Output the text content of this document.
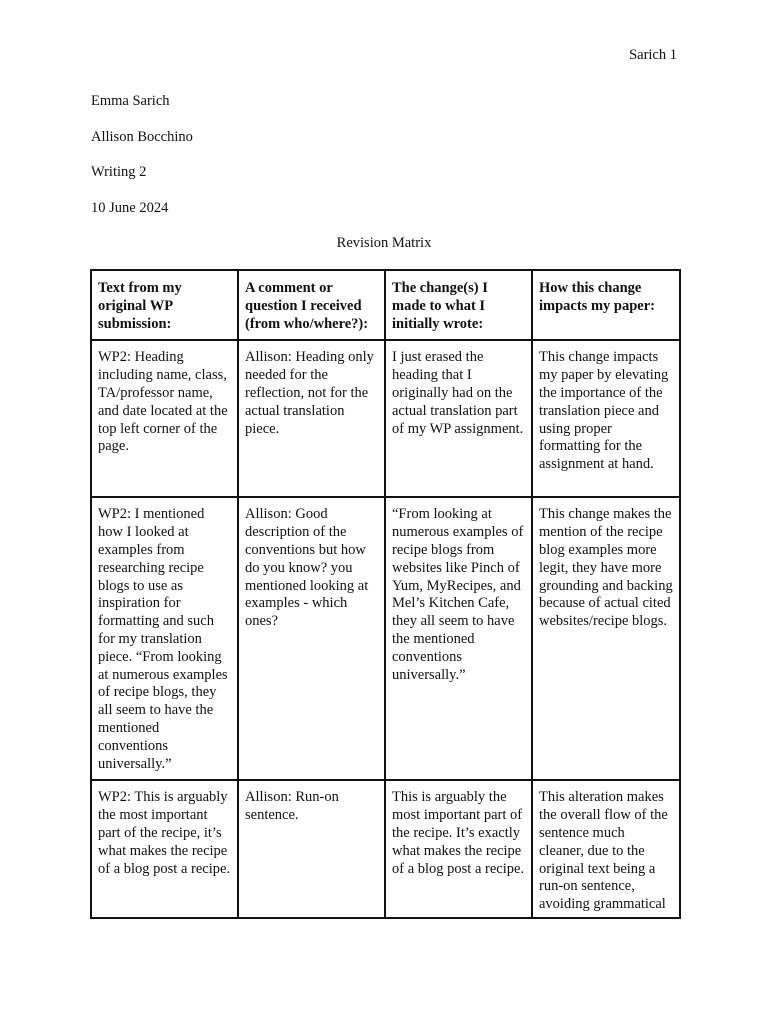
Sarich 1
Emma Sarich
Allison Bocchino
Writing 2
10 June 2024
Revision Matrix
Text from my original WP submission:	A comment or question I received (from who/where?):	The change(s) I made to what I initially wrote:	How this change impacts my paper:
WP2: Heading including name, class, TA/professor name, and date located at the top left corner of the page.	Allison: Heading only needed for the reflection, not for the actual translation piece.	I just erased the heading that I originally had on the actual translation part of my WP assignment.	This change impacts my paper by elevating the importance of the translation piece and using proper formatting for the assignment at hand.
WP2: I mentioned how I looked at examples from researching recipe blogs to use as inspiration for formatting and such for my translation piece. “From looking at numerous examples of recipe blogs, they all seem to have the mentioned conventions universally.”	Allison: Good description of the conventions but how do you know? you mentioned looking at examples - which ones?	“From looking at numerous examples of recipe blogs from websites like Pinch of Yum, MyRecipes, and Mel’s Kitchen Cafe, they all seem to have the mentioned conventions universally.”	This change makes the mention of the recipe blog examples more legit, they have more grounding and backing because of actual cited websites/recipe blogs.

WP2: This is arguably the most important part of the recipe, it’s what makes the recipe of a blog post a recipe.	Allison: Run-on sentence.	This is arguably the most important part of the recipe. It’s exactly what makes the recipe of a blog post a recipe.	This alteration makes the overall flow of the sentence much cleaner, due to the original text being a run-on sentence, avoiding grammatical
